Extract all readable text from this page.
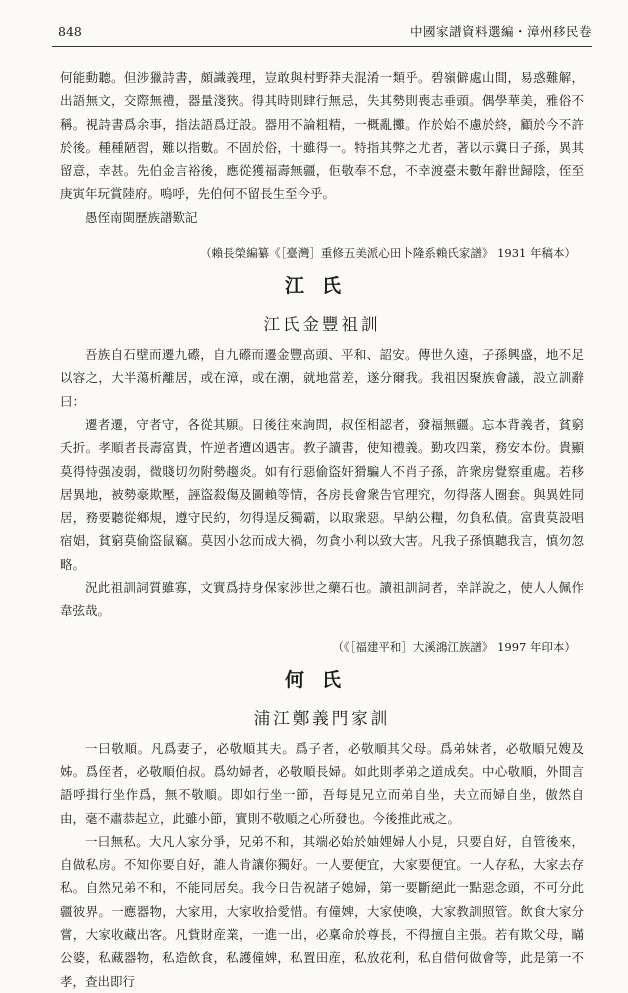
848	中國家譜資料選編・漳州移民卷

何能動聽。但涉獵詩書，頗識義理，豈敢與村野莽夫混淆一類乎。碧嶺僻處山間，易惑難解，出語無文，交際無禮，器量淺狹。得其時則肆行無忌，失其勢則喪志垂頭。偶學華美，雅俗不稱。視詩書爲余事，指法語爲迂設。器用不論粗精，一概亂攤。作於始不慮於終，顧於今不許於後。種種陋習，難以指數。不固於俗，十雖得一。特指其弊之尤者，著以示冀日子孫，異其留意，幸甚。先伯金言裕後，應從獲福壽無疆，佢敬奉不怠，不幸渡臺未數年辭世歸陰，侄至庚寅年玩賞陸府。嗚呼，先伯何不留長生至今乎。

愚侄南閩歷族譜歎記

（賴長榮編纂《［臺灣］重修五美派心田卜隆系賴氏家譜》 1931 年稿本）

江氏
江氏金豐祖訓

吾族自石壁而遷九礤，自九礤而遷金豐高頭、平和、詔安。傳世久遠，子孫興盛，地不足以容之，大半蕩析離居，或在漳，或在潮，就地當差，遂分爾我。我祖因聚族會議，設立訓辭曰：

遷者遷，守者守，各從其願。日後往來詢問，叔侄相認者，發福無疆。忘本背義者，貧窮夭折。孝順者長壽富貴，忤逆者遭凶遇害。教子讀書，使知禮義。勤攻四業，務安本份。貴顯莫得恃强凌弱，微賤切勿附勢趨炎。如有行惡偷盜奸猾騙人不肖子孫，許衆房覺察重處。若移居異地，被勢豪欺壓，誣盜殺傷及圖賴等情，各房長會衆告官理究，勿得落人圈套。與異姓同居，務要聽從鄉規，遵守民約，勿得逞反獨霸，以取衆惡。早納公糧，勿負私債。富貴莫設唱宿娼，貧窮莫偷盜鼠竊。莫因小忿而成大禍，勿貪小利以致大害。凡我子孫慎聽我言，慎勿忽略。

況此祖訓詞質雖寡，文實爲持身保家涉世之藥石也。讀祖訓詞者，幸詳說之，使人人佩作韋弦哉。

（《［福建平和］大溪鴻江族譜》 1997 年印本）

何氏
浦江鄭義門家訓

一曰敬順。凡爲妻子，必敬順其夫。爲子者，必敬順其父母。爲弟妹者，必敬順兄嫂及姊。爲侄者，必敬順伯叔。爲幼婦者，必敬順長婦。如此則孝弟之道成矣。中心敬順，外間言語呼揖行坐作爲，無不敬順。即如行坐一節，吾每見兄立而弟自坐，夫立而婦自坐，傲然自由，毫不肅恭起立，此雖小節，實則不敬順之心所發也。今後推此戒之。

一曰無私。大凡人家分爭，兄弟不和，其端必始於妯娌婦人小見，只要自好，自管後來，自做私房。不知你要自好，誰人肯讓你獨好。一人要便宜，大家要便宜。一人存私，大家去存私。自然兄弟不和，不能同居矣。我今日告祝諸子媳婦，第一要斷絕此一點惡念頭，不可分此疆彼界。一應器物，大家用，大家收拾愛惜。有僮婢，大家使喚，大家教訓照管。飲食大家分嘗，大家收藏出客。凡貲財産業，一進一出，必稟命於尊長，不得擅自主張。若有欺父母，瞞公婆，私藏器物，私造飲食，私護僮婢，私置田産，私放花利，私自借何做會等，此是第一不孝，查出即行
